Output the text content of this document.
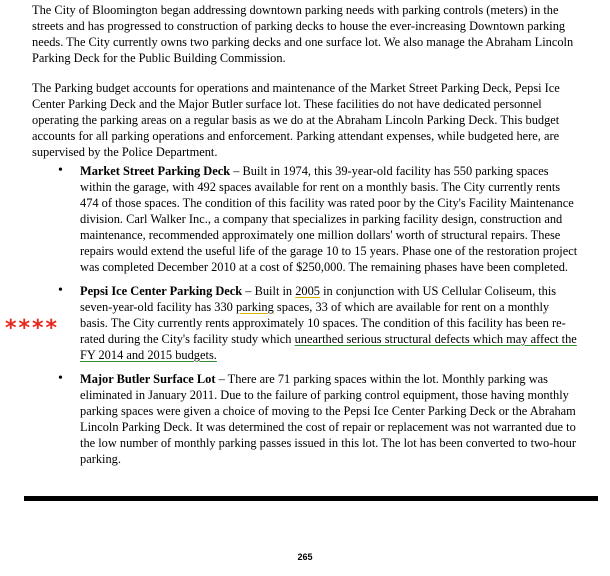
The City of Bloomington began addressing downtown parking needs with parking controls (meters) in the streets and has progressed to construction of parking decks to house the ever-increasing Downtown parking needs. The City currently owns two parking decks and one surface lot. We also manage the Abraham Lincoln Parking Deck for the Public Building Commission.

The Parking budget accounts for operations and maintenance of the Market Street Parking Deck, Pepsi Ice Center Parking Deck and the Major Butler surface lot. These facilities do not have dedicated personnel operating the parking areas on a regular basis as we do at the Abraham Lincoln Parking Deck. This budget accounts for all parking operations and enforcement. Parking attendant expenses, while budgeted here, are supervised by the Police Department.

****
• Market Street Parking Deck – Built in 1974, this 39-year-old facility has 550 parking spaces within the garage, with 492 spaces available for rent on a monthly basis. The City currently rents 474 of those spaces. The condition of this facility was rated poor by the City's Facility Maintenance division. Carl Walker Inc., a company that specializes in parking facility design, construction and maintenance, recommended approximately one million dollars' worth of structural repairs. These repairs would extend the useful life of the garage 10 to 15 years. Phase one of the restoration project was completed December 2010 at a cost of $250,000. The remaining phases have been completed.
• Pepsi Ice Center Parking Deck – Built in 2005 in conjunction with US Cellular Coliseum, this seven-year-old facility has 330 parking spaces, 33 of which are available for rent on a monthly basis. The City currently rents approximately 10 spaces. The condition of this facility has been re-rated during the City's facility study which unearthed serious structural defects which may affect the FY 2014 and 2015 budgets.
• Major Butler Surface Lot – There are 71 parking spaces within the lot. Monthly parking was eliminated in January 2011. Due to the failure of parking control equipment, those having monthly parking spaces were given a choice of moving to the Pepsi Ice Center Parking Deck or the Abraham Lincoln Parking Deck. It was determined the cost of repair or replacement was not warranted due to the low number of monthly parking passes issued in this lot. The lot has been converted to two-hour parking.
265
